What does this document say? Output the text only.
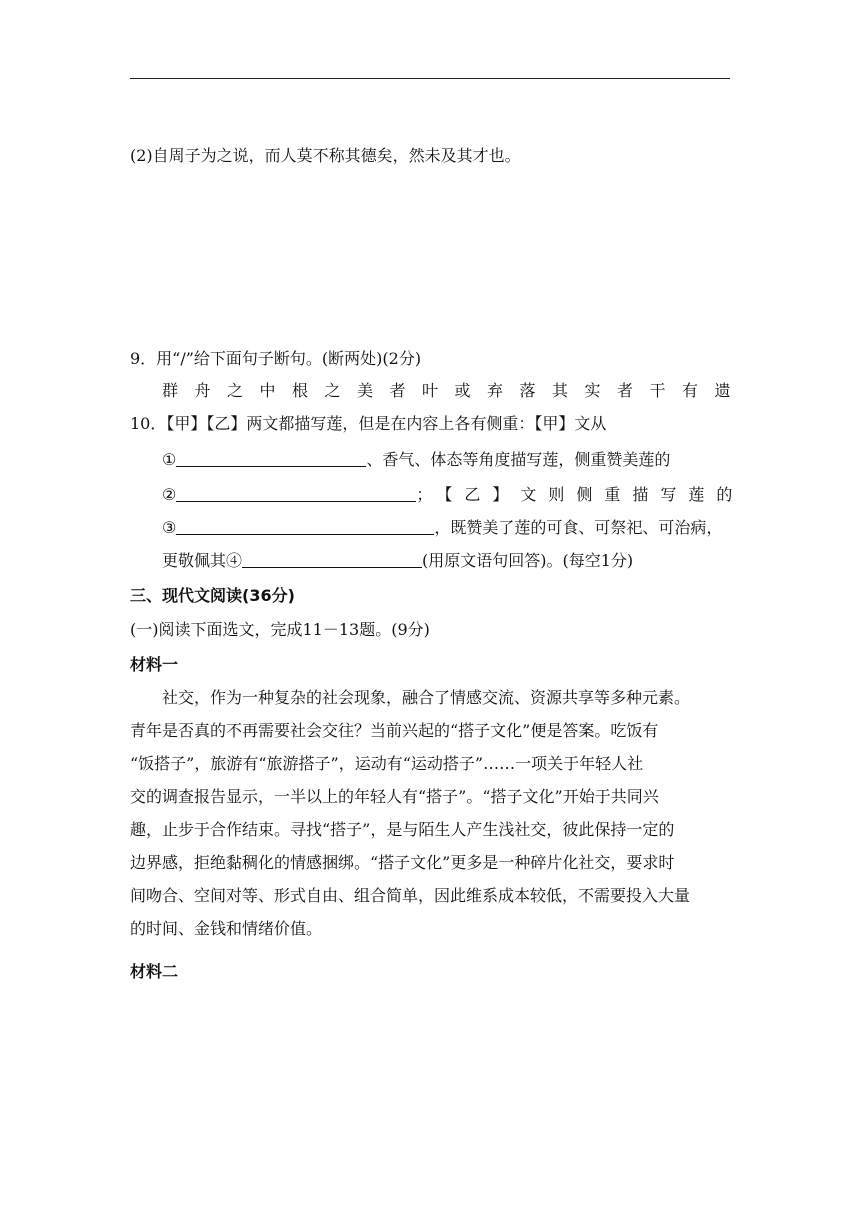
(2)自周子为之说，而人莫不称其德矣，然未及其才也。
9．用“/”给下面句子断句。(断两处)(2分)
群舟之中根之美者叶或弃落其实者干有遗
10．【甲】【乙】两文都描写莲，但是在内容上各有侧重：【甲】文从
①	、香气、体态等角度描写莲，侧重赞美莲的
②	；【乙】文则侧重描写莲的
③	，既赞美了莲的可食、可祭祀、可治病，
更敬佩其④	(用原文语句回答)。(每空1分)
三、现代文阅读(36分)
(一)阅读下面选文，完成11－13题。(9分)
材料一
社交，作为一种复杂的社会现象，融合了情感交流、资源共享等多种元素。
青年是否真的不再需要社会交往？当前兴起的“搭子文化”便是答案。吃饭有
“饭搭子”，旅游有“旅游搭子”，运动有“运动搭子”……一项关于年轻人社
交的调查报告显示，一半以上的年轻人有“搭子”。“搭子文化”开始于共同兴
趣，止步于合作结束。寻找“搭子”，是与陌生人产生浅社交，彼此保持一定的
边界感，拒绝黏稠化的情感捆绑。“搭子文化”更多是一种碎片化社交，要求时
间吻合、空间对等、形式自由、组合简单，因此维系成本较低，不需要投入大量
的时间、金钱和情绪价值。
材料二
